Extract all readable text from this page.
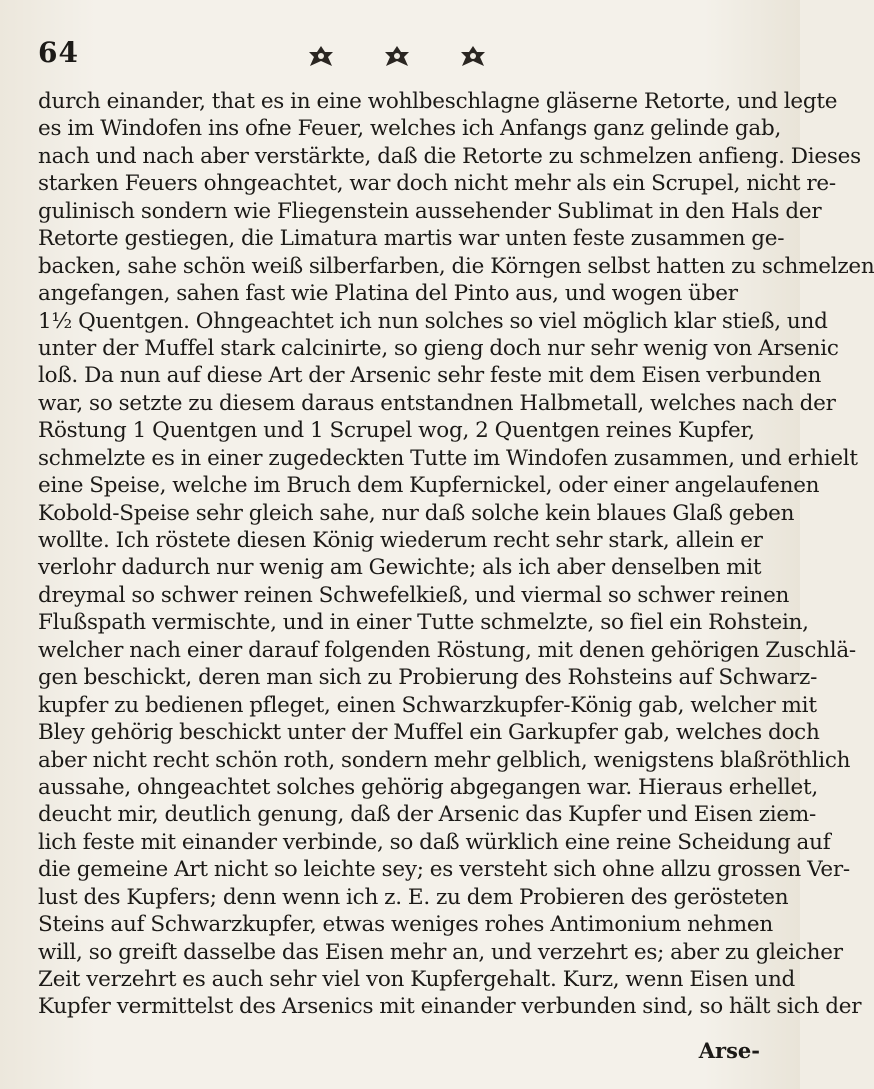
64
durch einander, that es in eine wohlbeschlagne gläserne Retorte, und legte
es im Windofen ins ofne Feuer, welches ich Anfangs ganz gelinde gab,
nach und nach aber verstärkte, daß die Retorte zu schmelzen anfieng. Dieses
starken Feuers ohngeachtet, war doch nicht mehr als ein Scrupel, nicht re-
gulinisch sondern wie Fliegenstein aussehender Sublimat in den Hals der
Retorte gestiegen, die Limatura martis war unten feste zusammen ge-
backen, sahe schön weiß silberfarben, die Körngen selbst hatten zu schmelzen
angefangen, sahen fast wie Platina del Pinto aus, und wogen über
1½ Quentgen. Ohngeachtet ich nun solches so viel möglich klar stieß, und
unter der Muffel stark calcinirte, so gieng doch nur sehr wenig von Arsenic
loß. Da nun auf diese Art der Arsenic sehr feste mit dem Eisen verbunden
war, so setzte zu diesem daraus entstandnen Halbmetall, welches nach der
Röstung 1 Quentgen und 1 Scrupel wog, 2 Quentgen reines Kupfer,
schmelzte es in einer zugedeckten Tutte im Windofen zusammen, und erhielt
eine Speise, welche im Bruch dem Kupfernickel, oder einer angelaufenen
Kobold-Speise sehr gleich sahe, nur daß solche kein blaues Glaß geben
wollte. Ich röstete diesen König wiederum recht sehr stark, allein er
verlohr dadurch nur wenig am Gewichte; als ich aber denselben mit
dreymal so schwer reinen Schwefelkieß, und viermal so schwer reinen
Flußspath vermischte, und in einer Tutte schmelzte, so fiel ein Rohstein,
welcher nach einer darauf folgenden Röstung, mit denen gehörigen Zuschlä-
gen beschickt, deren man sich zu Probierung des Rohsteins auf Schwarz-
kupfer zu bedienen pfleget, einen Schwarzkupfer-König gab, welcher mit
Bley gehörig beschickt unter der Muffel ein Garkupfer gab, welches doch
aber nicht recht schön roth, sondern mehr gelblich, wenigstens blaßröthlich
aussahe, ohngeachtet solches gehörig abgegangen war. Hieraus erhellet,
deucht mir, deutlich genung, daß der Arsenic das Kupfer und Eisen ziem-
lich feste mit einander verbinde, so daß würklich eine reine Scheidung auf
die gemeine Art nicht so leichte sey; es versteht sich ohne allzu grossen Ver-
lust des Kupfers; denn wenn ich z. E. zu dem Probieren des gerösteten
Steins auf Schwarzkupfer, etwas weniges rohes Antimonium nehmen
will, so greift dasselbe das Eisen mehr an, und verzehrt es; aber zu gleicher
Zeit verzehrt es auch sehr viel von Kupfergehalt. Kurz, wenn Eisen und
Kupfer vermittelst des Arsenics mit einander verbunden sind, so hält sich der
Arse-
